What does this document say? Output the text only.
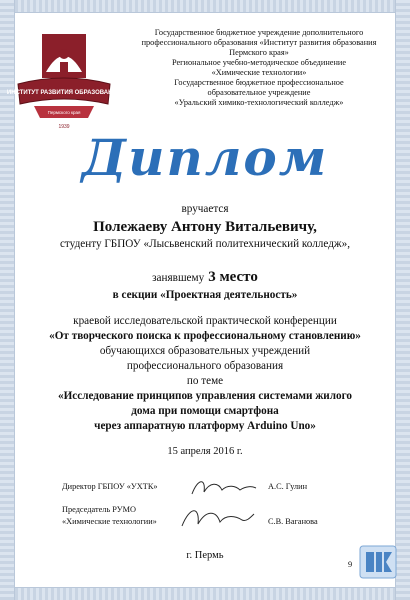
ИНСТИТУТ РАЗВИТИЯ ОБРАЗОВАНИЯ
Пермского края
1939
Государственное бюджетное учреждение дополнительного
профессионального образования «Институт развития образования
Пермского края»
Региональное учебно-методическое объединение
«Химические технологии»
Государственное бюджетное профессиональное
образовательное учреждение
«Уральский химико-технологический колледж»
Диплом
вручается
Полежаеву Антону Витальевичу,
студенту ГБПОУ «Лысьвенский политехнический колледж»,
занявшему 3 место
в секции «Проектная деятельность»
краевой исследовательской практической конференции
«От творческого поиска к профессиональному становлению»
обучающихся образовательных учреждений
профессионального образования
по теме
«Исследование принципов управления системами жилого
дома при помощи смартфона
через аппаратную платформу Arduino Uno»
15 апреля 2016 г.
Директор ГБПОУ «УХТК»	А.С. Гулин
Председатель РУМО
«Химические технологии»	С.В. Ваганова
г. Пермь
9
